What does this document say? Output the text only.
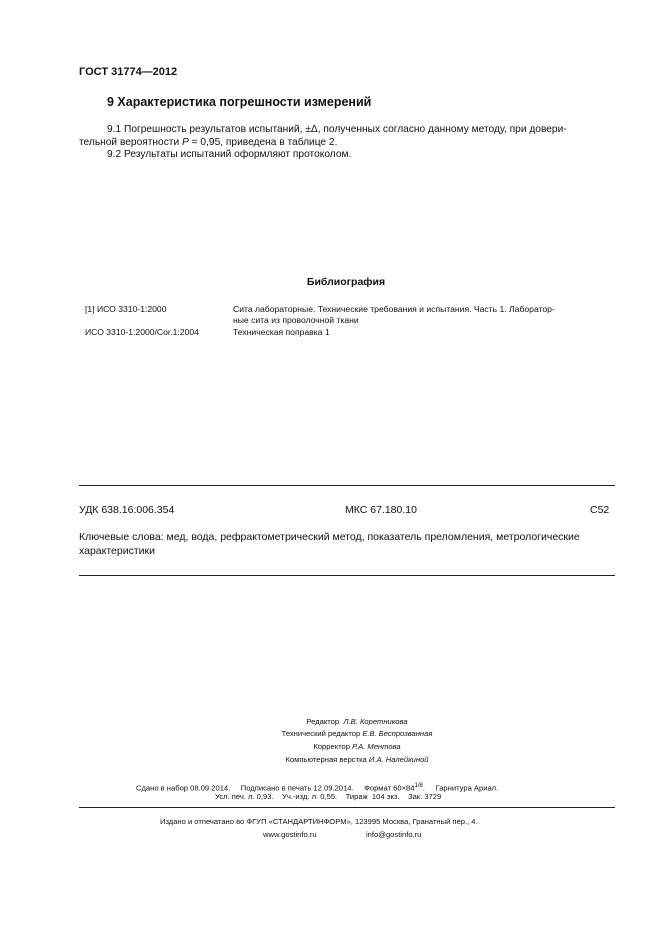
ГОСТ 31774—2012
9 Характеристика погрешности измерений
9.1 Погрешность результатов испытаний, ±Δ, полученных согласно данному методу, при довери-
тельной вероятности P = 0,95, приведена в таблице 2.
9.2 Результаты испытаний оформляют протоколом.
Библиография
[1] ИСО 3310-1:2000	Сита лабораторные. Технические требования и испытания. Часть 1. Лаборатор-
ные сита из проволочной ткани
ИСО 3310-1:2000/Cor.1:2004	Техническая поправка 1
УДК 638.16:006.354	МКС 67.180.10	С52
Ключевые слова: мед, вода, рефрактометрический метод, показатель преломления, метрологические
характеристики
Редактор Л.В. Коретникова
Технический редактор Е.В. Беспрозванная
Корректор Р.А. Ментова
Компьютерная верстка И.А. Налейкиной
Сдано в набор 08.09.2014.     Подписано в печать 12.09.2014.     Формат $60\times 84^{1/8}$.     Гарнитура Ариал.
Усл. печ. л. 0,93.    Уч.-изд. л. 0,55.    Тираж  104 экз.    Зак. 3729
Издано и отпечатано во ФГУП «СТАНДАРТИНФОРМ», 123995 Москва, Гранатный пер., 4.
www.gostinfo.ru	info@gostinfo.ru
